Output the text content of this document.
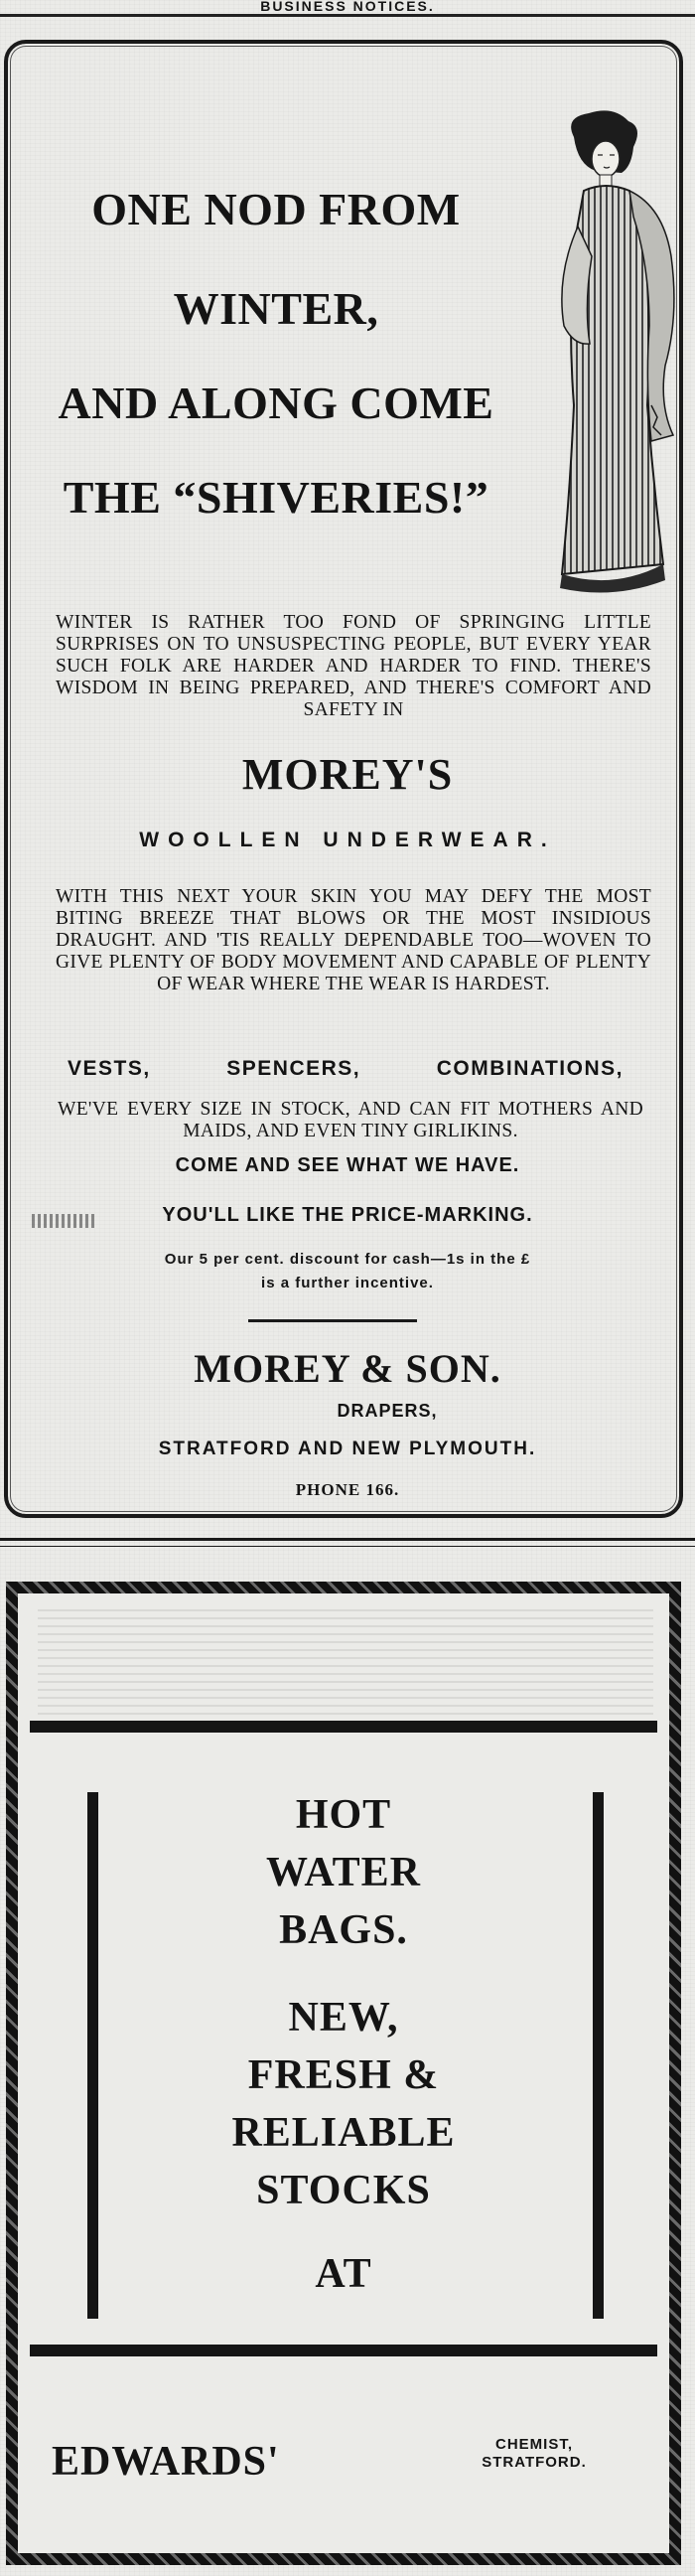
BUSINESS NOTICES.
ONE NOD FROM
WINTER,
AND ALONG COME
THE “SHIVERIES!”
WINTER IS RATHER TOO FOND OF SPRINGING LITTLE SURPRISES ON TO UNSUSPECTING PEOPLE, BUT EVERY YEAR SUCH FOLK ARE HARDER AND HARDER TO FIND. THERE'S WISDOM IN BEING PREPARED, AND THERE'S COMFORT AND SAFETY IN
MOREY'S
WOOLLEN UNDERWEAR.
WITH THIS NEXT YOUR SKIN YOU MAY DEFY THE MOST BITING BREEZE THAT BLOWS OR THE MOST INSIDIOUS DRAUGHT. AND 'TIS REALLY DEPENDABLE TOO—WOVEN TO GIVE PLENTY OF BODY MOVEMENT AND CAPABLE OF PLENTY OF WEAR WHERE THE WEAR IS HARDEST.
VESTS,	SPENCERS,	COMBINATIONS,
WE'VE EVERY SIZE IN STOCK, AND CAN FIT MOTHERS AND MAIDS, AND EVEN TINY GIRLIKINS.
COME AND SEE WHAT WE HAVE.
YOU'LL LIKE THE PRICE-MARKING.
Our 5 per cent. discount for cash—1s in the £
is a further incentive.
MOREY & SON.
DRAPERS,
STRATFORD AND NEW PLYMOUTH.
PHONE 166.
HOT
WATER
BAGS.
NEW,
FRESH &
RELIABLE
STOCKS
AT
EDWARDS'	CHEMIST,
STRATFORD.
